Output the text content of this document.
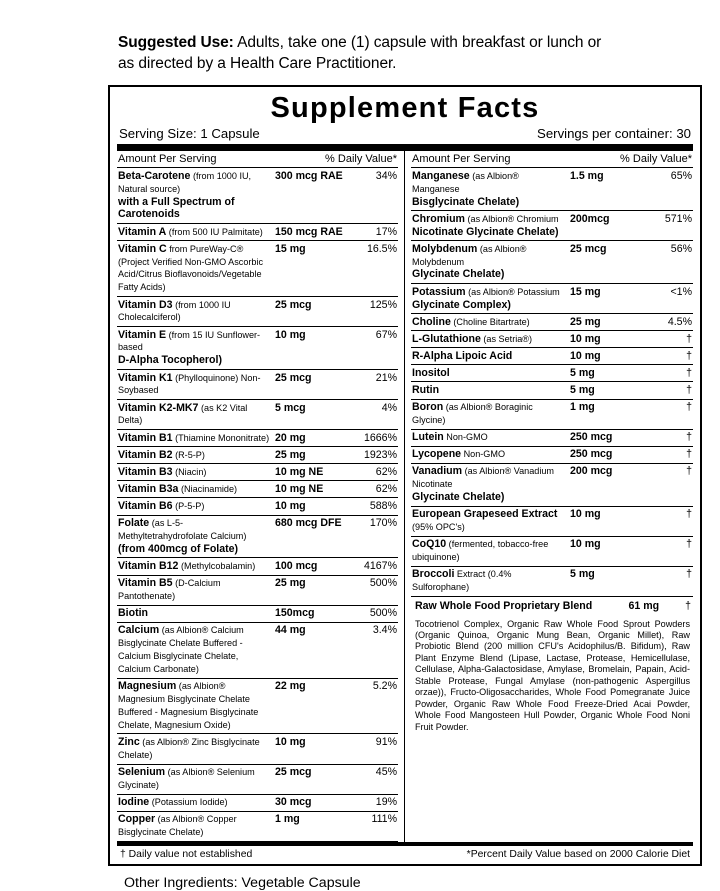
Suggested Use: Adults, take one (1) capsule with breakfast or lunch or as directed by a Health Care Practitioner.
Supplement Facts
Serving Size: 1 Capsule	Servings per container: 30
Amount Per Serving	% Daily Value*
Beta-Carotene (from 1000 IU, Natural source)
with a Full Spectrum of Carotenoids	300 mcg RAE	34%
Vitamin A (from 500 IU Palmitate)	150 mcg RAE	17%
Vitamin C from PureWay-C®
(Project Verified Non-GMO Ascorbic Acid/Citrus Bioflavonoids/Vegetable Fatty Acids)	15 mg	16.5%
Vitamin D3 (from 1000 IU Cholecalciferol)	25 mcg	125%
Vitamin E (from 15 IU Sunflower-based
D-Alpha Tocopherol)	10 mg	67%
Vitamin K1 (Phylloquinone) Non-Soybased	25 mcg	21%
Vitamin K2-MK7 (as K2 Vital Delta)	5 mcg	4%
Vitamin B1 (Thiamine Mononitrate)	20 mg	1666%
Vitamin B2 (R-5-P)	25 mg	1923%
Vitamin B3 (Niacin)	10 mg NE	62%
Vitamin B3a (Niacinamide)	10 mg NE	62%
Vitamin B6 (P-5-P)	10 mg	588%
Folate (as L-5-Methyltetrahydrofolate Calcium)
(from 400mcg of Folate)	680 mcg DFE	170%
Vitamin B12 (Methylcobalamin)	100 mcg	4167%
Vitamin B5 (D-Calcium Pantothenate)	25 mg	500%
Biotin	150mcg	500%
Calcium (as Albion® Calcium Bisglycinate Chelate Buffered - Calcium Bisglycinate Chelate, Calcium Carbonate)	44 mg	3.4%
Magnesium (as Albion® Magnesium Bisglycinate Chelate Buffered - Magnesium Bisglycinate Chelate, Magnesium Oxide)	22 mg	5.2%
Zinc (as Albion® Zinc Bisglycinate Chelate)	10 mg	91%
Selenium (as Albion® Selenium Glycinate)	25 mcg	45%
Iodine (Potassium Iodide)	30 mcg	19%
Copper (as Albion® Copper Bisglycinate Chelate)	1 mg	111%
Amount Per Serving	% Daily Value*
Manganese (as Albion® Manganese
Bisglycinate Chelate)	1.5 mg	65%
Chromium (as Albion® Chromium
Nicotinate Glycinate Chelate)	200mcg	571%
Molybdenum (as Albion® Molybdenum
Glycinate Chelate)	25 mcg	56%
Potassium (as Albion® Potassium
Glycinate Complex)	15 mg	<1%
Choline (Choline Bitartrate)	25 mg	4.5%
L-Glutathione (as Setria®)	10 mg	†
R-Alpha Lipoic Acid	10 mg	†
Inositol	5 mg	†
Rutin	5 mg	†
Boron (as Albion® Boraginic Glycine)	1 mg	†
Lutein Non-GMO	250 mcg	†
Lycopene Non-GMO	250 mcg	†
Vanadium (as Albion® Vanadium Nicotinate
Glycinate Chelate)	200 mcg	†
European Grapeseed Extract (95% OPC's)	10 mg	†
CoQ10 (fermented, tobacco-free ubiquinone)	10 mg	†
Broccoli Extract (0.4% Sulforophane)	5 mg	†
Raw Whole Food Proprietary Blend	61 mg †

Tocotrienol Complex, Organic Raw Whole Food Sprout Powders (Organic Quinoa, Organic Mung Bean, Organic Millet), Raw Probiotic Blend (200 million CFU's Acidophilus/B. Bifidum), Raw Plant Enzyme Blend (Lipase, Lactase, Protease, Hemicellulase, Cellulase, Alpha-Galactosidase, Amylase, Bromelain, Papain, Acid-Stable Protease, Fungal Amylase (non-pathogenic Aspergillus orzae)), Fructo-Oligosaccharides, Whole Food Pomegranate Juice Powder, Organic Raw Whole Food Freeze-Dried Acai Powder, Whole Food Mangosteen Hull Powder, Organic Whole Food Noni Fruit Powder.
† Daily value not established	*Percent Daily Value based on 2000 Calorie Diet
Other Ingredients: Vegetable Capsule
